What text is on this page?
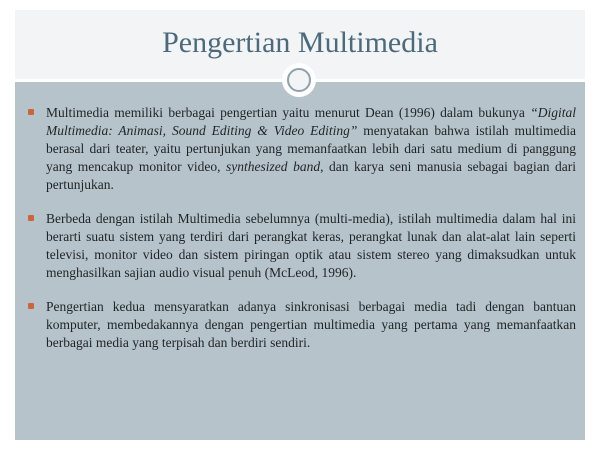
Pengertian Multimedia
Multimedia memiliki berbagai pengertian yaitu menurut Dean (1996) dalam bukunya “Digital Multimedia: Animasi, Sound Editing & Video Editing” menyatakan bahwa istilah multimedia berasal dari teater, yaitu pertunjukan yang memanfaatkan lebih dari satu medium di panggung yang mencakup monitor video, synthesized band, dan karya seni manusia sebagai bagian dari pertunjukan.
Berbeda dengan istilah Multimedia sebelumnya (multi-media), istilah multimedia dalam hal ini berarti suatu sistem yang terdiri dari perangkat keras, perangkat lunak dan alat-alat lain seperti televisi, monitor video dan sistem piringan optik atau sistem stereo yang dimaksudkan untuk menghasilkan sajian audio visual penuh (McLeod, 1996).
Pengertian kedua mensyaratkan adanya sinkronisasi berbagai media tadi dengan bantuan komputer, membedakannya dengan pengertian multimedia yang pertama yang memanfaatkan berbagai media yang terpisah dan berdiri sendiri.
